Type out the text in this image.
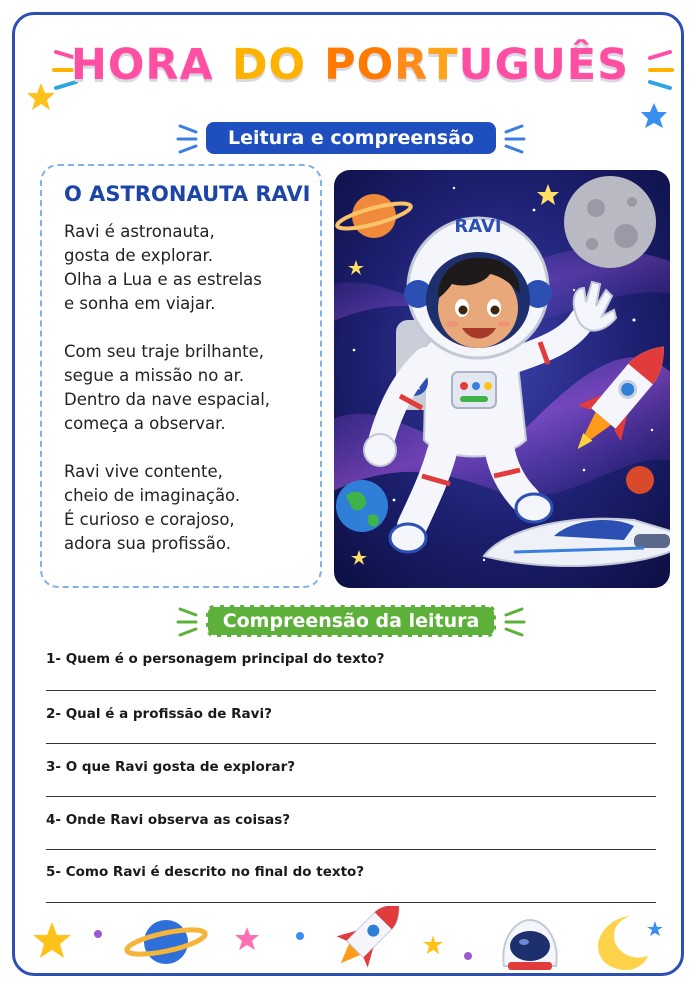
HORA DO PORTUGUÊS
Leitura e compreensão
O ASTRONAUTA RAVI
Ravi é astronauta,
gosta de explorar.
Olha a Lua e as estrelas
e sonha em viajar.
Com seu traje brilhante,
segue a missão no ar.
Dentro da nave espacial,
começa a observar.
Ravi vive contente,
cheio de imaginação.
É curioso e corajoso,
adora sua profissão.
RAVI
Compreensão da leitura
1- Quem é o personagem principal do texto?
2- Qual é a profissão de Ravi?
3- O que Ravi gosta de explorar?
4- Onde Ravi observa as coisas?
5- Como Ravi é descrito no final do texto?
